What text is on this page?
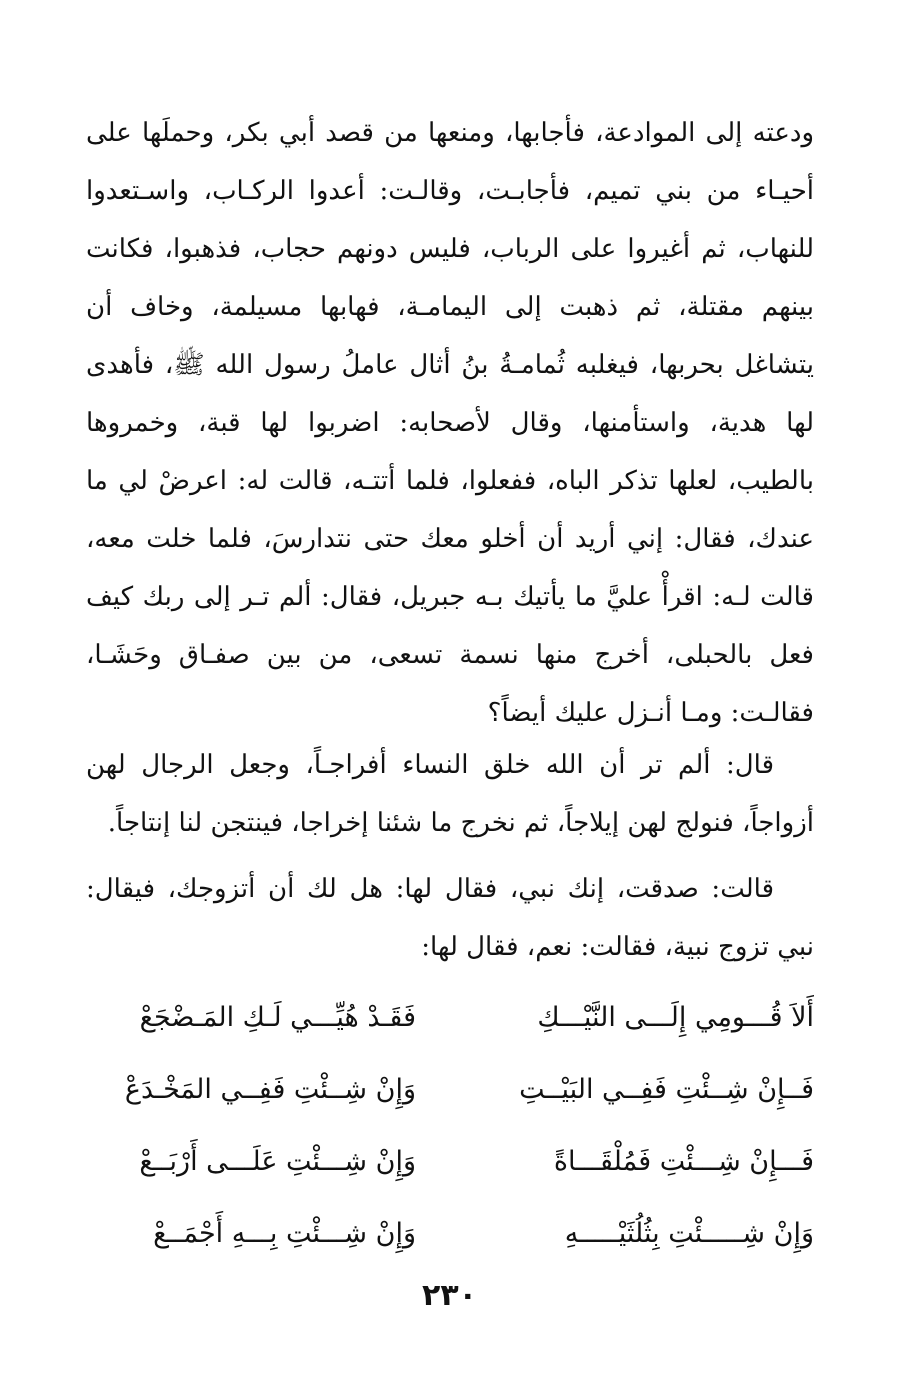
ودعته إلى الموادعة، فأجابها، ومنعها من قصد أبي بكر، وحملَها على أحيـاء من بني تميم، فأجابـت، وقالـت: أعدوا الركـاب، واسـتعدوا للنهاب، ثم أغيروا على الرباب، فليس دونهم حجاب، فذهبوا، فكانت بينهم مقتلة، ثم ذهبت إلى اليمامـة، فهابها مسيلمة، وخاف أن يتشاغل بحربها، فيغلبه ثُمامـةُ بنُ أثال عاملُ رسول الله ﷺ، فأهدى لها هدية، واستأمنها، وقال لأصحابه: اضربوا لها قبة، وخمروها بالطيب، لعلها تذكر الباه، ففعلوا، فلما أتتـه، قالت له: اعرضْ لي ما عندك، فقال: إني أريد أن أخلو معك حتى نتدارسَ، فلما خلت معه، قالت لـه: اقرأْ عليَّ ما يأتيك بـه جبريل، فقال: ألم تـر إلى ربك كيف فعل بالحبلى، أخرج منها نسمة تسعى، من بين صفـاق وحَشَـا، فقالـت: ومـا أنـزل عليك أيضاً؟

قال: ألم تر أن الله خلق النساء أفراجـاً، وجعل الرجال لهن أزواجاً، فنولج لهن إيلاجاً، ثم نخرج ما شئنا إخراجا، فينتجن لنا إنتاجاً.

قالت: صدقت، إنك نبي، فقال لها: هل لك أن أتزوجك، فيقال: نبي تزوج نبية، فقالت: نعم، فقال لها:

أَلاَ قُـــومِي إِلَـــى النَّيْـــكِ
فَقَـدْ هُيِّـــي لَـكِ المَـضْجَعْ
فَــإِنْ شِــئْتِ فَفِــي البَيْــتِ
وَإِنْ شِــئْتِ فَفِــي المَخْـدَعْ
فَـــإِنْ شِـــئْتِ فَمُلْقَـــاةً
وَإِنْ شِـــئْتِ عَلَـــى أَرْبَــعْ
وَإِنْ شِـــــئْتِ بِثُلُثَيْـــــهِ
وَإِنْ شِـــئْتِ بِـــهِ أَجْمَــعْ
٢٣٠
